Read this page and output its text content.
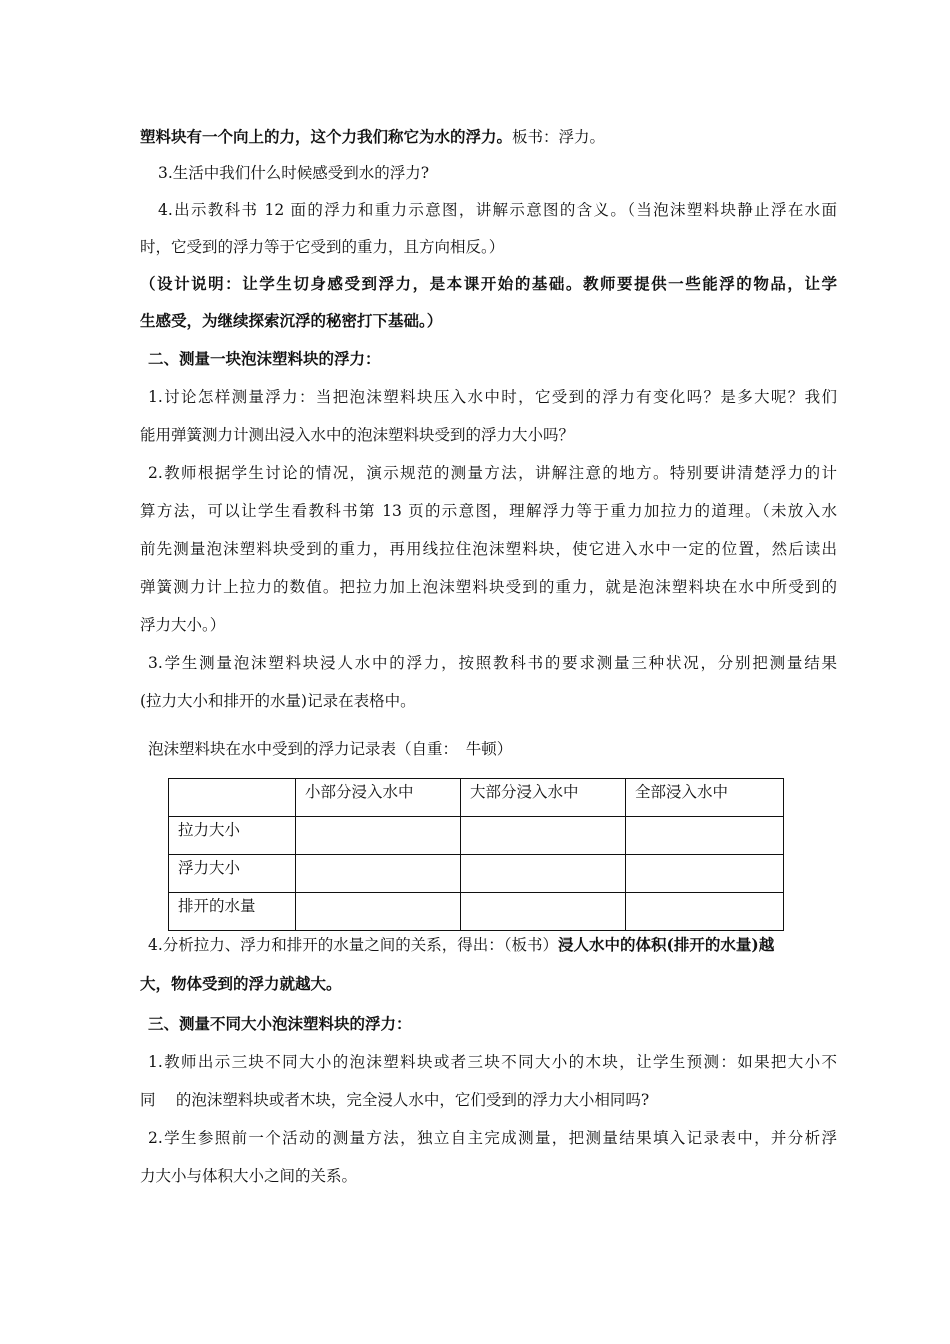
塑料块有一个向上的力，这个力我们称它为水的浮力。板书：浮力。
3.生活中我们什么时候感受到水的浮力?
4.出示教科书 12 面的浮力和重力示意图，讲解示意图的含义。（当泡沫塑料块静止浮在水面
时，它受到的浮力等于它受到的重力，且方向相反。）
（设计说明：让学生切身感受到浮力，是本课开始的基础。教师要提供一些能浮的物品，让学
生感受，为继续探索沉浮的秘密打下基础。）
二、测量一块泡沫塑料块的浮力：
1.讨论怎样测量浮力：当把泡沫塑料块压入水中时，它受到的浮力有变化吗？是多大呢？我们
能用弹簧测力计测出浸入水中的泡沫塑料块受到的浮力大小吗？
2.教师根据学生讨论的情况，演示规范的测量方法，讲解注意的地方。特别要讲清楚浮力的计
算方法，可以让学生看教科书第 13 页的示意图，理解浮力等于重力加拉力的道理。（未放入水
前先测量泡沫塑料块受到的重力，再用线拉住泡沫塑料块，使它进入水中一定的位置，然后读出
弹簧测力计上拉力的数值。把拉力加上泡沫塑料块受到的重力，就是泡沫塑料块在水中所受到的
浮力大小。）
3.学生测量泡沫塑料块浸人水中的浮力，按照教科书的要求测量三种状况，分别把测量结果
(拉力大小和排开的水量)记录在表格中。
泡沫塑料块在水中受到的浮力记录表（自重：　牛顿）
	小部分浸入水中	大部分浸入水中	全部浸入水中
拉力大小			
浮力大小			
排开的水量			
4.分析拉力、浮力和排开的水量之间的关系，得出：（板书）浸人水中的体积(排开的水量)越
大，物体受到的浮力就越大。
三、测量不同大小泡沫塑料块的浮力：
1.教师出示三块不同大小的泡沫塑料块或者三块不同大小的木块，让学生预测：如果把大小不
同　 的泡沫塑料块或者木块，完全浸人水中，它们受到的浮力大小相同吗?
2.学生参照前一个活动的测量方法，独立自主完成测量，把测量结果填入记录表中，并分析浮
力大小与体积大小之间的关系。
